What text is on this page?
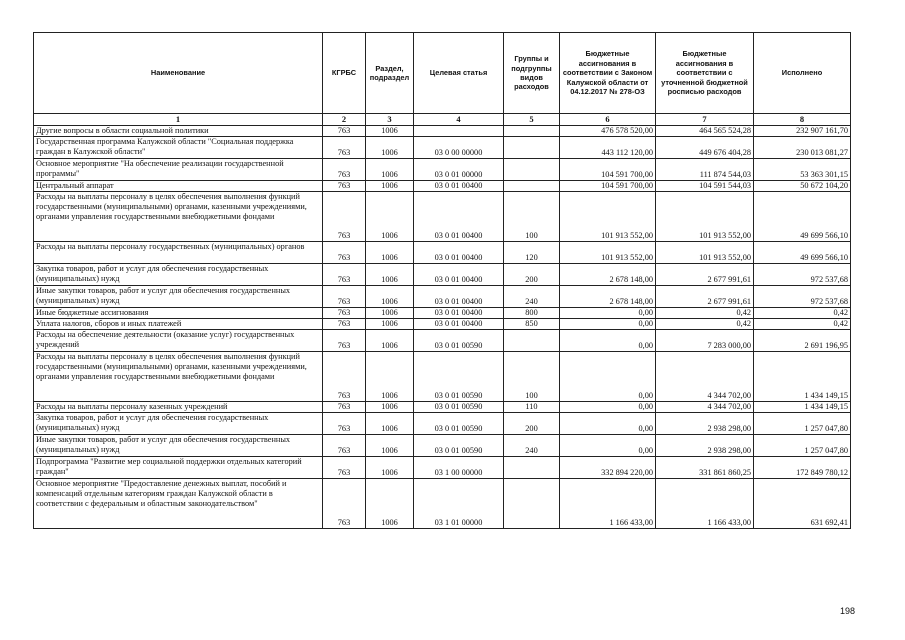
Наименование	КГРБС	Раздел, подраздел	Целевая статья	Группы и подгруппы видов расходов	Бюджетные ассигнования в соответствии с Законом Калужской области от 04.12.2017 № 278-ОЗ	Бюджетные ассигнования в соответствии с уточненной бюджетной росписью расходов	Исполнено
1	2	3	4	5	6	7	8
Другие вопросы в области социальной политики	763	1006			476 578 520,00	464 565 524,28	232 907 161,70
Государственная программа Калужской области "Социальная поддержка граждан в Калужской области"	763	1006	03 0 00 00000		443 112 120,00	449 676 404,28	230 013 081,27
Основное мероприятие "На обеспечение реализации государственной программы"	763	1006	03 0 01 00000		104 591 700,00	111 874 544,03	53 363 301,15
Центральный аппарат	763	1006	03 0 01 00400		104 591 700,00	104 591 544,03	50 672 104,20
Расходы на выплаты персоналу в целях обеспечения выполнения функций государственными (муниципальными) органами, казенными учреждениями, органами управления государственными внебюджетными фондами	763	1006	03 0 01 00400	100	101 913 552,00	101 913 552,00	49 699 566,10
Расходы на выплаты персоналу государственных (муниципальных) органов	763	1006	03 0 01 00400	120	101 913 552,00	101 913 552,00	49 699 566,10
Закупка товаров, работ и услуг для обеспечения государственных (муниципальных) нужд	763	1006	03 0 01 00400	200	2 678 148,00	2 677 991,61	972 537,68
Иные закупки товаров, работ и услуг для обеспечения государственных (муниципальных) нужд	763	1006	03 0 01 00400	240	2 678 148,00	2 677 991,61	972 537,68
Иные бюджетные ассигнования	763	1006	03 0 01 00400	800	0,00	0,42	0,42
Уплата налогов, сборов и иных платежей	763	1006	03 0 01 00400	850	0,00	0,42	0,42
Расходы на обеспечение деятельности (оказание услуг) государственных учреждений	763	1006	03 0 01 00590		0,00	7 283 000,00	2 691 196,95
Расходы на выплаты персоналу в целях обеспечения выполнения функций государственными (муниципальными) органами, казенными учреждениями, органами управления государственными внебюджетными фондами	763	1006	03 0 01 00590	100	0,00	4 344 702,00	1 434 149,15
Расходы на выплаты персоналу казенных учреждений	763	1006	03 0 01 00590	110	0,00	4 344 702,00	1 434 149,15
Закупка товаров, работ и услуг для обеспечения государственных (муниципальных) нужд	763	1006	03 0 01 00590	200	0,00	2 938 298,00	1 257 047,80
Иные закупки товаров, работ и услуг для обеспечения государственных (муниципальных) нужд	763	1006	03 0 01 00590	240	0,00	2 938 298,00	1 257 047,80
Подпрограмма "Развитие мер социальной поддержки отдельных категорий граждан"	763	1006	03 1 00 00000		332 894 220,00	331 861 860,25	172 849 780,12
Основное мероприятие "Предоставление денежных выплат, пособий и компенсаций отдельным категориям граждан Калужской области в соответствии с федеральным и областным законодательством"	763	1006	03 1 01 00000		1 166 433,00	1 166 433,00	631 692,41
198
